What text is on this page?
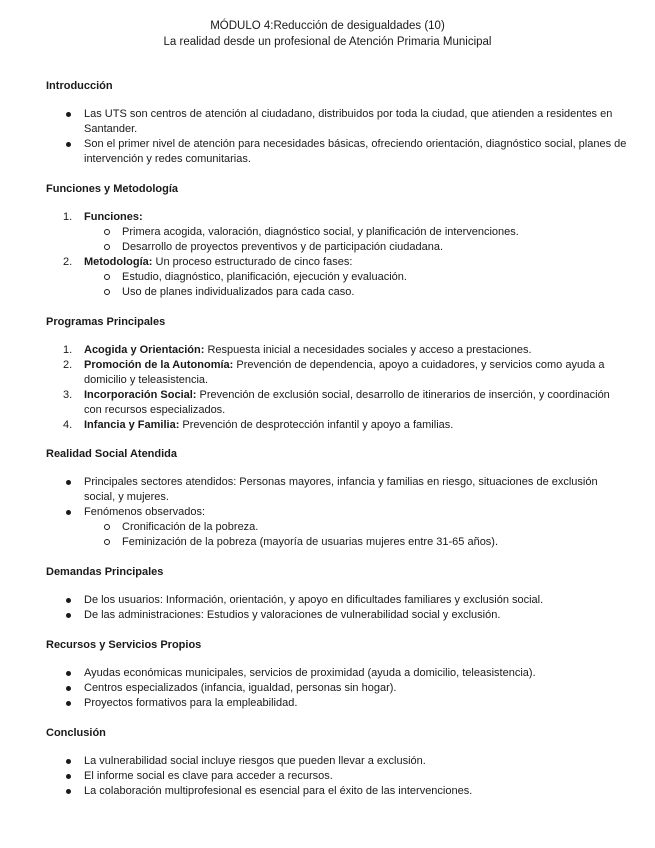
MÓDULO 4:Reducción de desigualdades (10)
La realidad desde un profesional de Atención Primaria Municipal
Introducción
Las UTS son centros de atención al ciudadano, distribuidos por toda la ciudad, que atienden a residentes en Santander.
Son el primer nivel de atención para necesidades básicas, ofreciendo orientación, diagnóstico social, planes de intervención y redes comunitarias.
Funciones y Metodología
1. Funciones:
Primera acogida, valoración, diagnóstico social, y planificación de intervenciones.
Desarrollo de proyectos preventivos y de participación ciudadana.
2. Metodología: Un proceso estructurado de cinco fases:
Estudio, diagnóstico, planificación, ejecución y evaluación.
Uso de planes individualizados para cada caso.
Programas Principales
1. Acogida y Orientación: Respuesta inicial a necesidades sociales y acceso a prestaciones.
2. Promoción de la Autonomía: Prevención de dependencia, apoyo a cuidadores, y servicios como ayuda a domicilio y teleasistencia.
3. Incorporación Social: Prevención de exclusión social, desarrollo de itinerarios de inserción, y coordinación con recursos especializados.
4. Infancia y Familia: Prevención de desprotección infantil y apoyo a familias.
Realidad Social Atendida
Principales sectores atendidos: Personas mayores, infancia y familias en riesgo, situaciones de exclusión social, y mujeres.
Fenómenos observados:
Cronificación de la pobreza.
Feminización de la pobreza (mayoría de usuarias mujeres entre 31-65 años).
Demandas Principales
De los usuarios: Información, orientación, y apoyo en dificultades familiares y exclusión social.
De las administraciones: Estudios y valoraciones de vulnerabilidad social y exclusión.
Recursos y Servicios Propios
Ayudas económicas municipales, servicios de proximidad (ayuda a domicilio, teleasistencia).
Centros especializados (infancia, igualdad, personas sin hogar).
Proyectos formativos para la empleabilidad.
Conclusión
La vulnerabilidad social incluye riesgos que pueden llevar a exclusión.
El informe social es clave para acceder a recursos.
La colaboración multiprofesional es esencial para el éxito de las intervenciones.
